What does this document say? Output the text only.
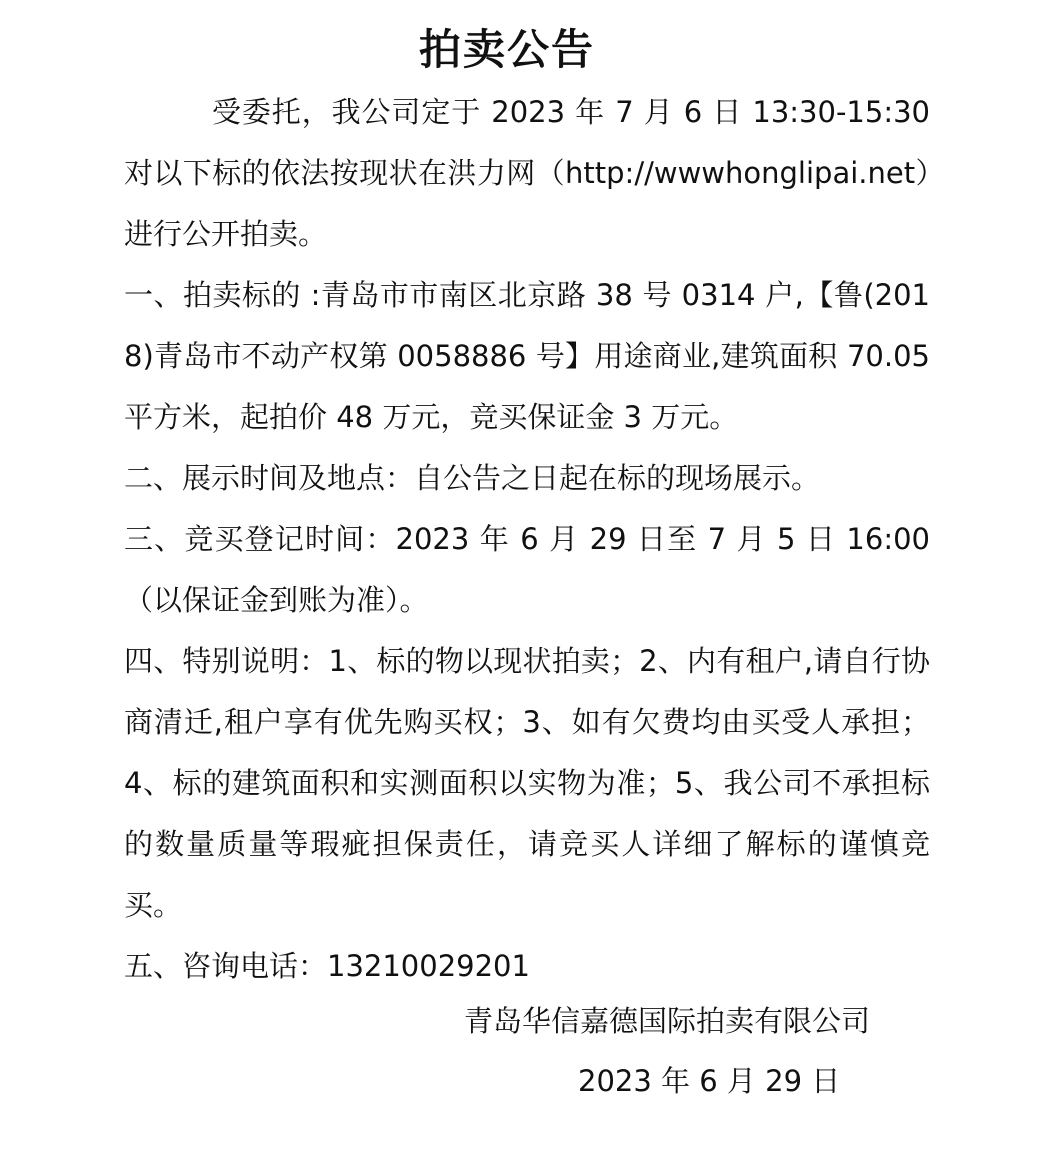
拍卖公告

受委托，我公司定于 2023 年 7 月 6 日 13:30-15:30 对以下标的依法按现状在洪力网（http://wwwhonglipai.net）进行公开拍卖。

一、拍卖标的 :青岛市市南区北京路 38 号 0314 户,【鲁(2018)青岛市不动产权第 0058886 号】用途商业,建筑面积 70.05 平方米，起拍价 48 万元，竞买保证金 3 万元。

二、展示时间及地点：自公告之日起在标的现场展示。

三、竞买登记时间：2023 年 6 月 29 日至 7 月 5 日 16:00（以保证金到账为准）。

四、特别说明：1、标的物以现状拍卖；2、内有租户,请自行协商清迁,租户享有优先购买权；3、如有欠费均由买受人承担；4、标的建筑面积和实测面积以实物为准；5、我公司不承担标的数量质量等瑕疵担保责任，请竞买人详细了解标的谨慎竞买。

五、咨询电话：13210029201

青岛华信嘉德国际拍卖有限公司
2023 年 6 月 29 日
